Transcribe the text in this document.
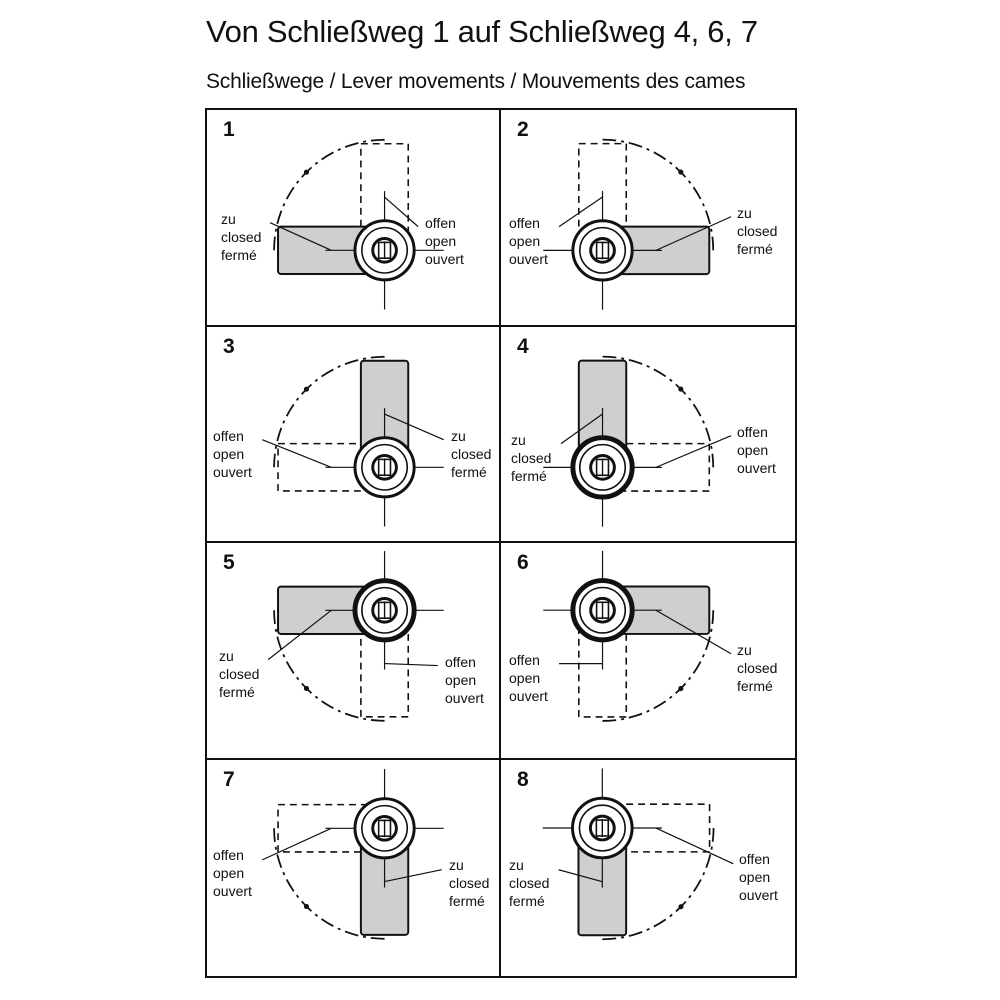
Von Schließweg 1 auf Schließweg 4, 6, 7
Schließwege / Lever movements / Mouvements des cames
1
zu
closed
fermé
offen
open
ouvert
2
zu
closed
fermé
offen
open
ouvert
3
zu
closed
fermé
offen
open
ouvert
4
zu
closed
fermé
offen
open
ouvert
5
zu
closed
fermé
offen
open
ouvert
6
zu
closed
fermé
offen
open
ouvert
7
zu
closed
fermé
offen
open
ouvert
8
zu
closed
fermé
offen
open
ouvert
